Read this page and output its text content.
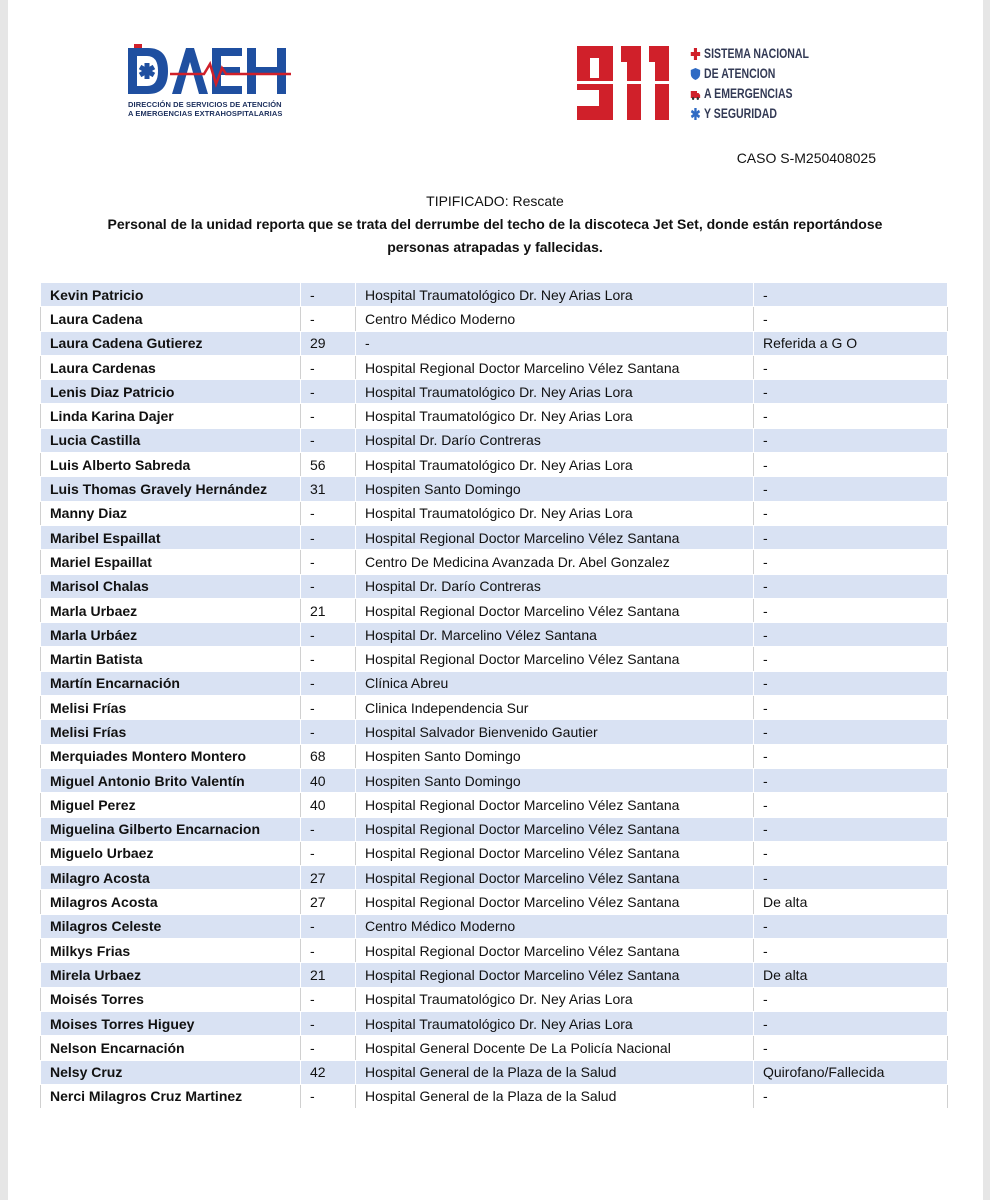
DIRECCIÓN DE SERVICIOS DE ATENCIÓN
A EMERGENCIAS EXTRAHOSPITALARIAS
SISTEMA NACIONAL
DE ATENCION
A EMERGENCIAS
Y SEGURIDAD
CASO S-M250408025
TIPIFICADO: Rescate
Personal de la unidad reporta que se trata del derrumbe del techo de la discoteca Jet Set, donde están reportándose personas atrapadas y fallecidas.
Kevin Patricio	-	Hospital Traumatológico Dr. Ney Arias Lora	-
Laura Cadena	-	Centro Médico Moderno	-
Laura Cadena Gutierez	29	-	Referida a G O
Laura Cardenas	-	Hospital Regional Doctor Marcelino Vélez Santana	-
Lenis Diaz Patricio	-	Hospital Traumatológico Dr. Ney Arias Lora	-
Linda Karina Dajer	-	Hospital Traumatológico Dr. Ney Arias Lora	-
Lucia Castilla	-	Hospital Dr. Darío Contreras	-
Luis Alberto Sabreda	56	Hospital Traumatológico Dr. Ney Arias Lora	-
Luis Thomas Gravely Hernández	31	Hospiten Santo Domingo	-
Manny Diaz	-	Hospital Traumatológico Dr. Ney Arias Lora	-
Maribel Espaillat	-	Hospital Regional Doctor Marcelino Vélez Santana	-
Mariel Espaillat	-	Centro De Medicina Avanzada Dr. Abel Gonzalez	-
Marisol Chalas	-	Hospital Dr. Darío Contreras	-
Marla Urbaez	21	Hospital Regional Doctor Marcelino Vélez Santana	-
Marla Urbáez	-	Hospital Dr. Marcelino Vélez Santana	-
Martin Batista	-	Hospital Regional Doctor Marcelino Vélez Santana	-
Martín Encarnación	-	Clínica Abreu	-
Melisi Frías	-	Clinica Independencia Sur	-
Melisi Frías	-	Hospital Salvador Bienvenido Gautier	-
Merquiades Montero Montero	68	Hospiten Santo Domingo	-
Miguel Antonio Brito Valentín	40	Hospiten Santo Domingo	-
Miguel Perez	40	Hospital Regional Doctor Marcelino Vélez Santana	-
Miguelina Gilberto Encarnacion	-	Hospital Regional Doctor Marcelino Vélez Santana	-
Miguelo Urbaez	-	Hospital Regional Doctor Marcelino Vélez Santana	-
Milagro Acosta	27	Hospital Regional Doctor Marcelino Vélez Santana	-
Milagros Acosta	27	Hospital Regional Doctor Marcelino Vélez Santana	De alta
Milagros Celeste	-	Centro Médico Moderno	-
Milkys Frias	-	Hospital Regional Doctor Marcelino Vélez Santana	-
Mirela Urbaez	21	Hospital Regional Doctor Marcelino Vélez Santana	De alta
Moisés Torres	-	Hospital Traumatológico Dr. Ney Arias Lora	-
Moises Torres Higuey	-	Hospital Traumatológico Dr. Ney Arias Lora	-
Nelson Encarnación	-	Hospital General Docente De La Policía Nacional	-
Nelsy Cruz	42	Hospital General de la Plaza de la Salud	Quirofano/Fallecida
Nerci Milagros Cruz Martinez	-	Hospital General de la Plaza de la Salud	-
